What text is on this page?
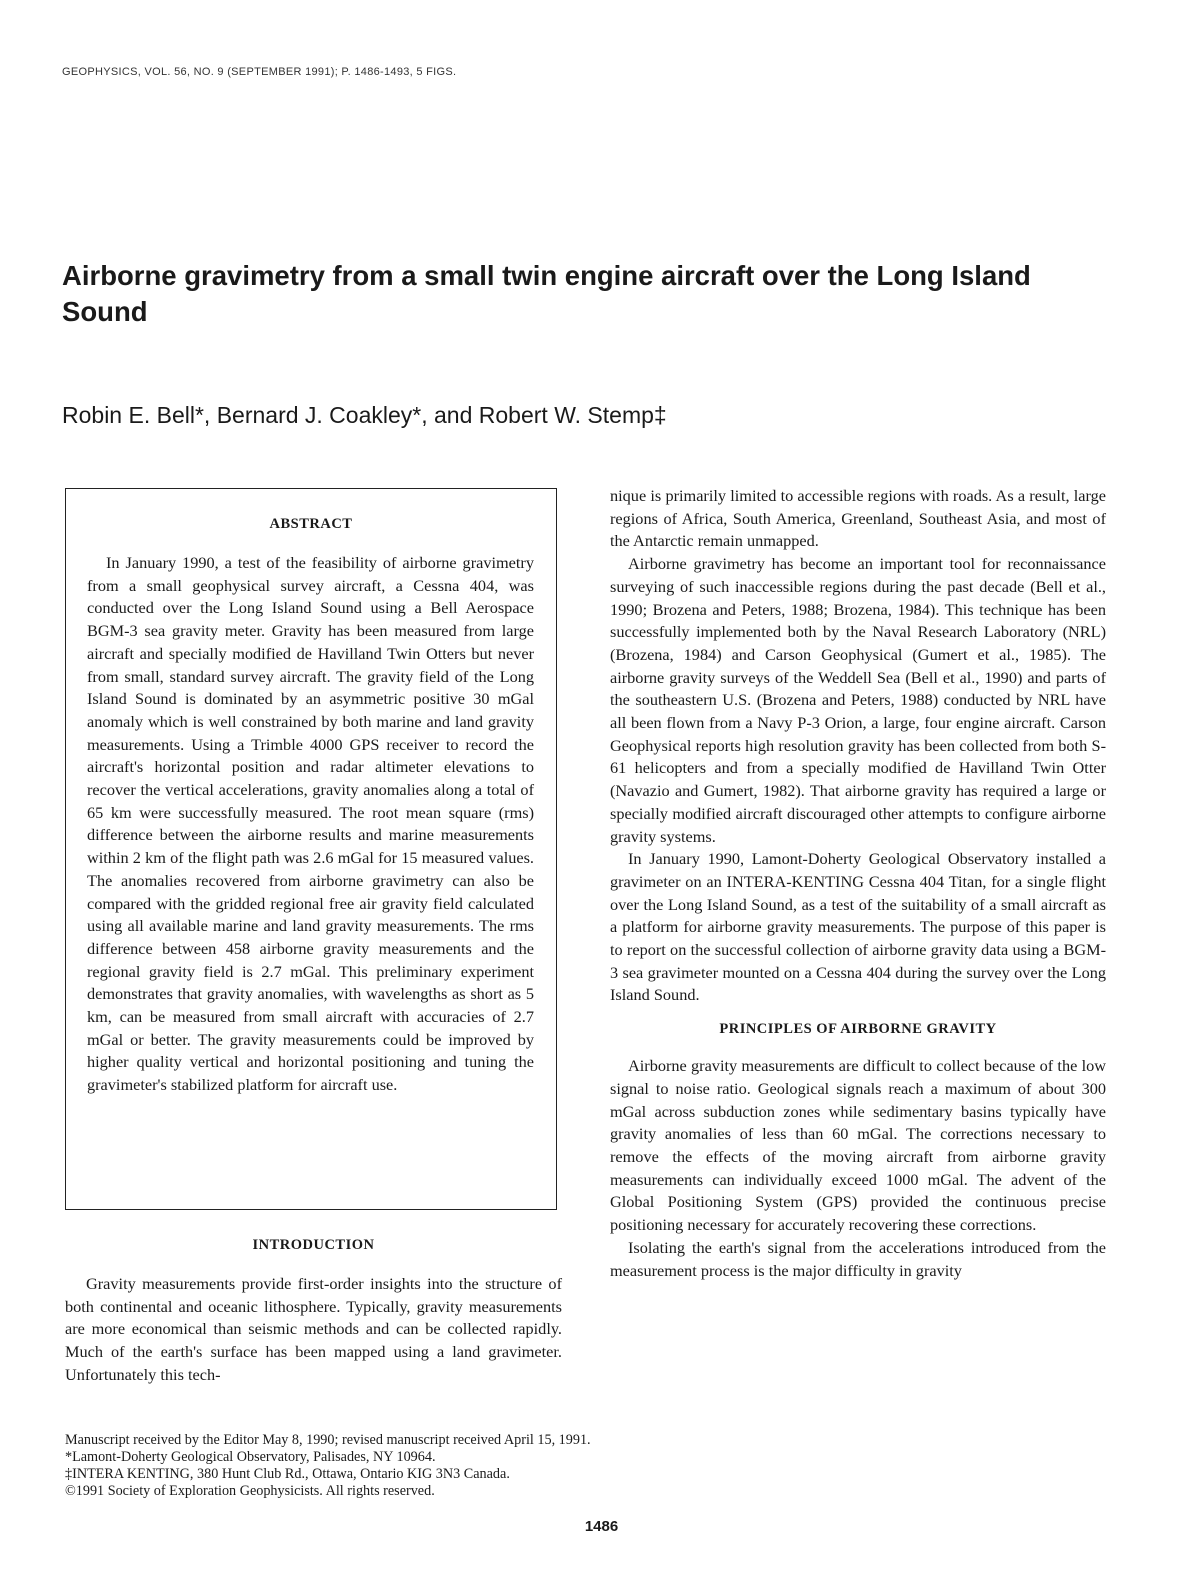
GEOPHYSICS, VOL. 56, NO. 9 (SEPTEMBER 1991); P. 1486-1493, 5 FIGS.
Airborne gravimetry from a small twin engine aircraft over the Long Island Sound
Robin E. Bell*, Bernard J. Coakley*, and Robert W. Stemp‡
ABSTRACT

In January 1990, a test of the feasibility of airborne gravimetry from a small geophysical survey aircraft, a Cessna 404, was conducted over the Long Island Sound using a Bell Aerospace BGM-3 sea gravity meter. Gravity has been measured from large aircraft and specially modified de Havilland Twin Otters but never from small, standard survey aircraft. The gravity field of the Long Island Sound is dominated by an asymmetric positive 30 mGal anomaly which is well constrained by both marine and land gravity measurements. Using a Trimble 4000 GPS receiver to record the aircraft's horizontal position and radar altimeter elevations to recover the vertical accelerations, gravity anomalies along a total of 65 km were successfully measured. The root mean square (rms) difference between the airborne results and marine measurements within 2 km of the flight path was 2.6 mGal for 15 measured values. The anomalies recovered from airborne gravimetry can also be compared with the gridded regional free air gravity field calculated using all available marine and land gravity measurements. The rms difference between 458 airborne gravity measurements and the regional gravity field is 2.7 mGal. This preliminary experiment demonstrates that gravity anomalies, with wavelengths as short as 5 km, can be measured from small aircraft with accuracies of 2.7 mGal or better. The gravity measurements could be improved by higher quality vertical and horizontal positioning and tuning the gravimeter's stabilized platform for aircraft use.

INTRODUCTION

Gravity measurements provide first-order insights into the structure of both continental and oceanic lithosphere. Typically, gravity measurements are more economical than seismic methods and can be collected rapidly. Much of the earth's surface has been mapped using a land gravimeter. Unfortunately this tech-

nique is primarily limited to accessible regions with roads. As a result, large regions of Africa, South America, Greenland, Southeast Asia, and most of the Antarctic remain unmapped.

Airborne gravimetry has become an important tool for reconnaissance surveying of such inaccessible regions during the past decade (Bell et al., 1990; Brozena and Peters, 1988; Brozena, 1984). This technique has been successfully implemented both by the Naval Research Laboratory (NRL) (Brozena, 1984) and Carson Geophysical (Gumert et al., 1985). The airborne gravity surveys of the Weddell Sea (Bell et al., 1990) and parts of the southeastern U.S. (Brozena and Peters, 1988) conducted by NRL have all been flown from a Navy P-3 Orion, a large, four engine aircraft. Carson Geophysical reports high resolution gravity has been collected from both S-61 helicopters and from a specially modified de Havilland Twin Otter (Navazio and Gumert, 1982). That airborne gravity has required a large or specially modified aircraft discouraged other attempts to configure airborne gravity systems.

In January 1990, Lamont-Doherty Geological Observatory installed a gravimeter on an INTERA-KENTING Cessna 404 Titan, for a single flight over the Long Island Sound, as a test of the suitability of a small aircraft as a platform for airborne gravity measurements. The purpose of this paper is to report on the successful collection of airborne gravity data using a BGM-3 sea gravimeter mounted on a Cessna 404 during the survey over the Long Island Sound.

PRINCIPLES OF AIRBORNE GRAVITY

Airborne gravity measurements are difficult to collect because of the low signal to noise ratio. Geological signals reach a maximum of about 300 mGal across subduction zones while sedimentary basins typically have gravity anomalies of less than 60 mGal. The corrections necessary to remove the effects of the moving aircraft from airborne gravity measurements can individually exceed 1000 mGal. The advent of the Global Positioning System (GPS) provided the continuous precise positioning necessary for accurately recovering these corrections.

Isolating the earth's signal from the accelerations introduced from the measurement process is the major difficulty in gravity

Manuscript received by the Editor May 8, 1990; revised manuscript received April 15, 1991.
*Lamont-Doherty Geological Observatory, Palisades, NY 10964.
‡INTERA KENTING, 380 Hunt Club Rd., Ottawa, Ontario KIG 3N3 Canada.
©1991 Society of Exploration Geophysicists. All rights reserved.
1486
